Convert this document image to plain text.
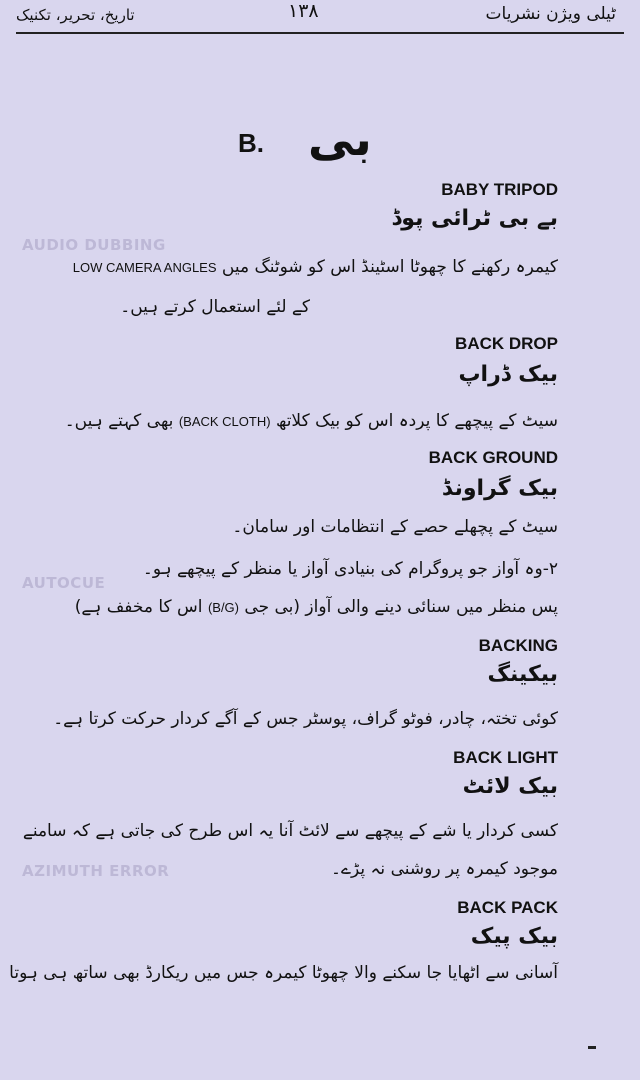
AUDIO DUBBING
AUTOCUE
AZIMUTH ERROR
ٹیلی ویژن نشریات
۱۳۸
تاریخ، تحریر، تکنیک
B. بی
BABY TRIPOD
بے بی ٹرائی پوڈ
کیمرہ رکھنے کا چھوٹا اسٹینڈ اس کو شوٹنگ میں LOW CAMERA ANGLES
کے لئے استعمال کرتے ہیں۔
BACK DROP
بیک ڈراپ
سیٹ کے پیچھے کا پردہ اس کو بیک کلاتھ (BACK CLOTH) بھی کہتے ہیں۔
BACK GROUND
بیک گراونڈ
سیٹ کے پچھلے حصے کے انتظامات اور سامان۔
۲-وہ آواز جو پروگرام کی بنیادی آواز یا منظر کے پیچھے ہو۔
پس منظر میں سنائی دینے والی آواز (بی جی (B/G) اس کا مخفف ہے)
BACKING
بیکینگ
کوئی تختہ، چادر، فوٹو گراف، پوسٹر جس کے آگے کردار حرکت کرتا ہے۔
BACK LIGHT
بیک لائٹ
کسی کردار یا شے کے پیچھے سے لائٹ آنا یہ اس طرح کی جاتی ہے کہ سامنے
موجود کیمرہ پر روشنی نہ پڑے۔
BACK PACK
بیک پیک
آسانی سے اٹھایا جا سکنے والا چھوٹا کیمرہ جس میں ریکارڈ بھی ساتھ ہی ہوتا
